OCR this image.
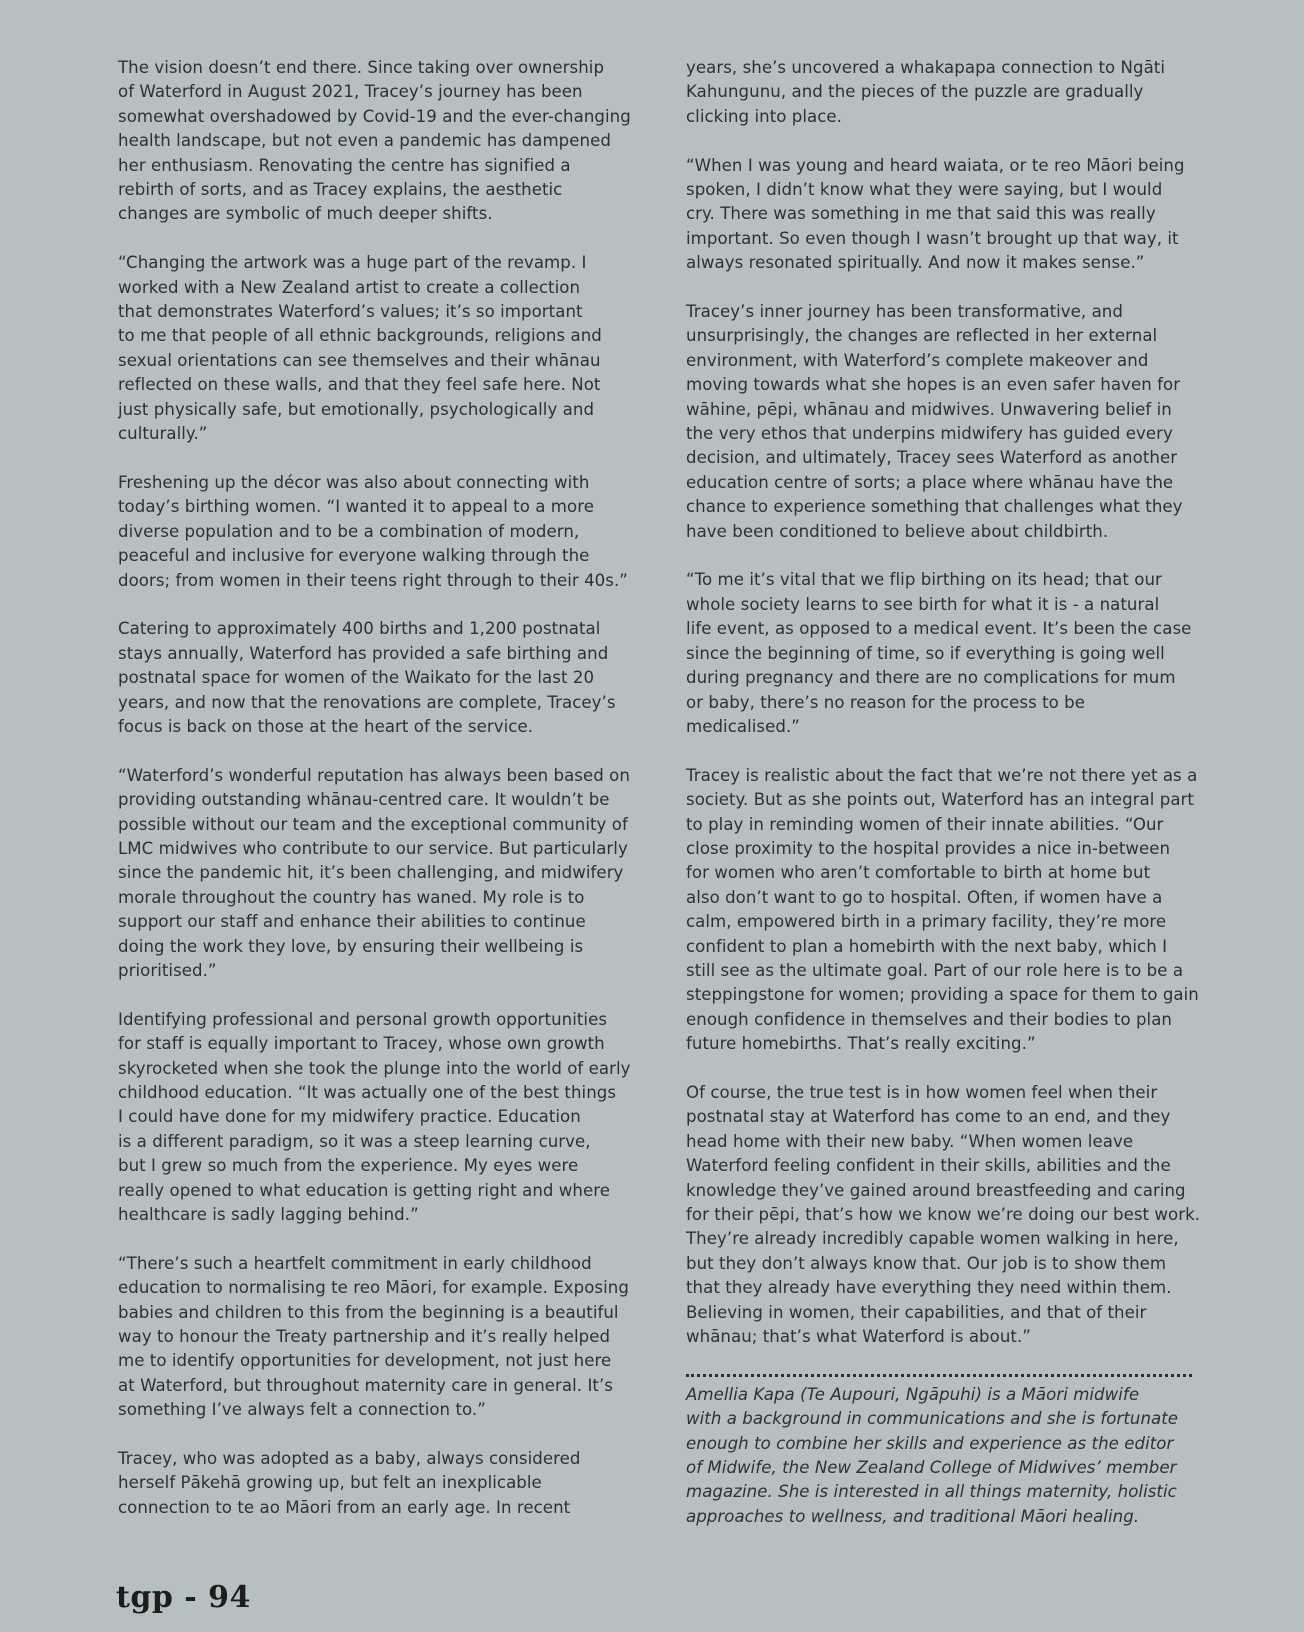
The vision doesn’t end there. Since taking over ownership
of Waterford in August 2021, Tracey’s journey has been
somewhat overshadowed by Covid-19 and the ever-changing
health landscape, but not even a pandemic has dampened
her enthusiasm. Renovating the centre has signified a
rebirth of sorts, and as Tracey explains, the aesthetic
changes are symbolic of much deeper shifts.

“Changing the artwork was a huge part of the revamp. I
worked with a New Zealand artist to create a collection
that demonstrates Waterford’s values; it’s so important
to me that people of all ethnic backgrounds, religions and
sexual orientations can see themselves and their whānau
reflected on these walls, and that they feel safe here. Not
just physically safe, but emotionally, psychologically and
culturally.”

Freshening up the décor was also about connecting with
today’s birthing women. “I wanted it to appeal to a more
diverse population and to be a combination of modern,
peaceful and inclusive for everyone walking through the
doors; from women in their teens right through to their 40s.”

Catering to approximately 400 births and 1,200 postnatal
stays annually, Waterford has provided a safe birthing and
postnatal space for women of the Waikato for the last 20
years, and now that the renovations are complete, Tracey’s
focus is back on those at the heart of the service.

“Waterford’s wonderful reputation has always been based on
providing outstanding whānau-centred care. It wouldn’t be
possible without our team and the exceptional community of
LMC midwives who contribute to our service. But particularly
since the pandemic hit, it’s been challenging, and midwifery
morale throughout the country has waned. My role is to
support our staff and enhance their abilities to continue
doing the work they love, by ensuring their wellbeing is
prioritised.”

Identifying professional and personal growth opportunities
for staff is equally important to Tracey, whose own growth
skyrocketed when she took the plunge into the world of early
childhood education. “It was actually one of the best things
I could have done for my midwifery practice. Education
is a different paradigm, so it was a steep learning curve,
but I grew so much from the experience. My eyes were
really opened to what education is getting right and where
healthcare is sadly lagging behind.”

“There’s such a heartfelt commitment in early childhood
education to normalising te reo Māori, for example. Exposing
babies and children to this from the beginning is a beautiful
way to honour the Treaty partnership and it’s really helped
me to identify opportunities for development, not just here
at Waterford, but throughout maternity care in general. It’s
something I’ve always felt a connection to.”

Tracey, who was adopted as a baby, always considered
herself Pākehā growing up, but felt an inexplicable
connection to te ao Māori from an early age. In recent

years, she’s uncovered a whakapapa connection to Ngāti
Kahungunu, and the pieces of the puzzle are gradually
clicking into place.

“When I was young and heard waiata, or te reo Māori being
spoken, I didn’t know what they were saying, but I would
cry. There was something in me that said this was really
important. So even though I wasn’t brought up that way, it
always resonated spiritually. And now it makes sense.”

Tracey’s inner journey has been transformative, and
unsurprisingly, the changes are reflected in her external
environment, with Waterford’s complete makeover and
moving towards what she hopes is an even safer haven for
wāhine, pēpi, whānau and midwives. Unwavering belief in
the very ethos that underpins midwifery has guided every
decision, and ultimately, Tracey sees Waterford as another
education centre of sorts; a place where whānau have the
chance to experience something that challenges what they
have been conditioned to believe about childbirth.

“To me it’s vital that we flip birthing on its head; that our
whole society learns to see birth for what it is - a natural
life event, as opposed to a medical event. It’s been the case
since the beginning of time, so if everything is going well
during pregnancy and there are no complications for mum
or baby, there’s no reason for the process to be medicalised.”

Tracey is realistic about the fact that we’re not there yet as a
society. But as she points out, Waterford has an integral part
to play in reminding women of their innate abilities. “Our
close proximity to the hospital provides a nice in-between
for women who aren’t comfortable to birth at home but
also don’t want to go to hospital. Often, if women have a
calm, empowered birth in a primary facility, they’re more
confident to plan a homebirth with the next baby, which I
still see as the ultimate goal. Part of our role here is to be a
steppingstone for women; providing a space for them to gain
enough confidence in themselves and their bodies to plan
future homebirths. That’s really exciting.”

Of course, the true test is in how women feel when their
postnatal stay at Waterford has come to an end, and they
head home with their new baby. “When women leave
Waterford feeling confident in their skills, abilities and the
knowledge they’ve gained around breastfeeding and caring
for their pēpi, that’s how we know we’re doing our best work.
They’re already incredibly capable women walking in here,
but they don’t always know that. Our job is to show them
that they already have everything they need within them.
Believing in women, their capabilities, and that of their
whānau; that’s what Waterford is about.”

Amellia Kapa (Te Aupouri, Ngāpuhi) is a Māori midwife
with a background in communications and she is fortunate
enough to combine her skills and experience as the editor
of Midwife, the New Zealand College of Midwives’ member
magazine. She is interested in all things maternity, holistic
approaches to wellness, and traditional Māori healing.

tgp - 94
